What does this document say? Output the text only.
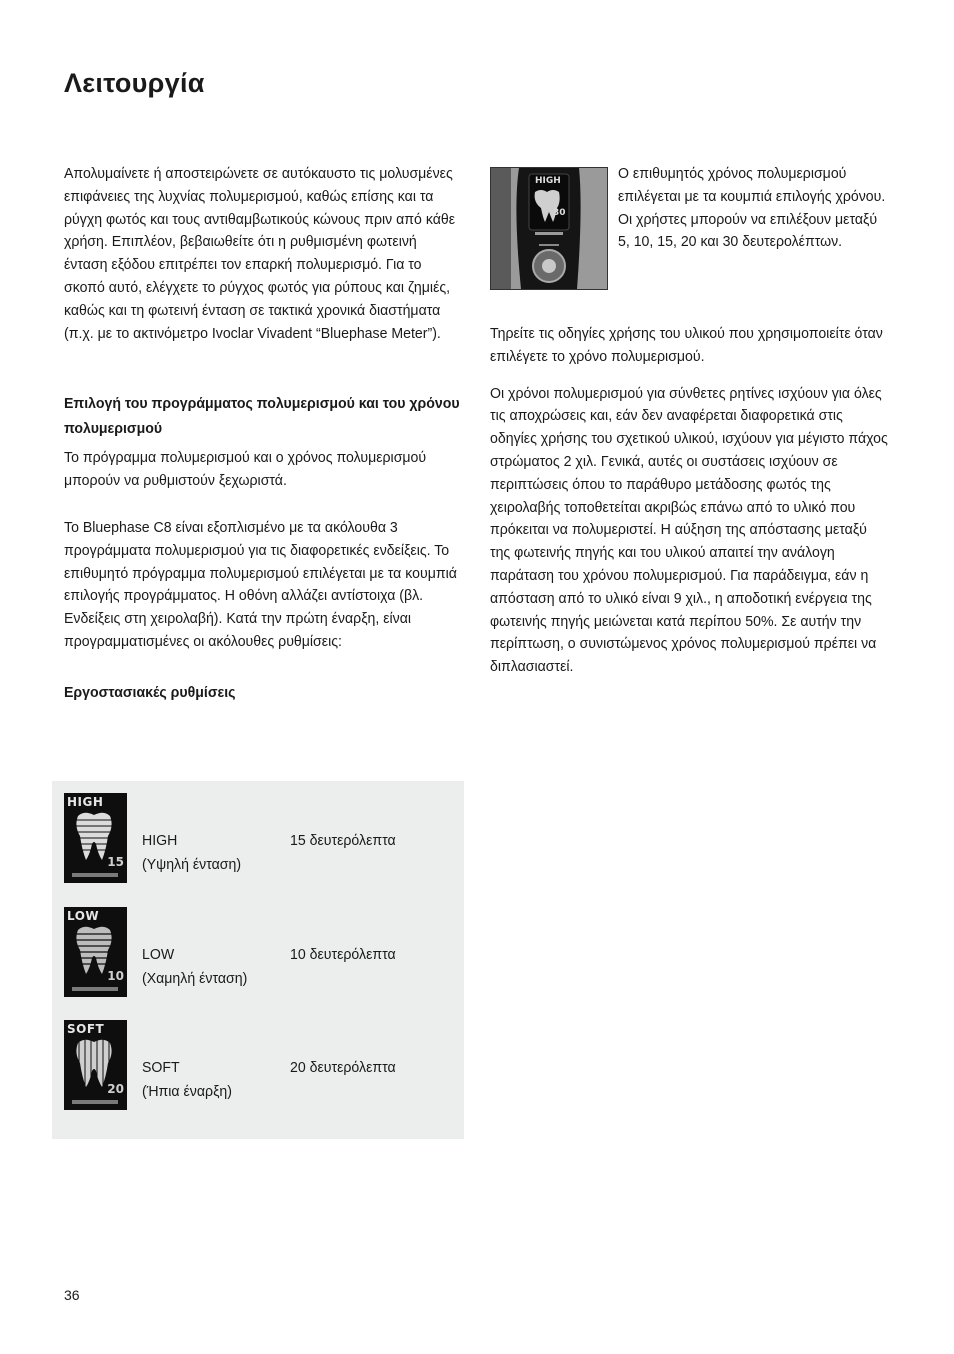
Λειτουργία

Απολυμαίνετε ή αποστειρώνετε σε αυτόκαυστο τις μολυσμένες επιφάνειες της λυχνίας πολυμερισμού, καθώς επίσης και τα ρύγχη φωτός και τους αντιθαμβωτικούς κώνους πριν από κάθε χρήση. Επιπλέον, βεβαιωθείτε ότι η ρυθμισμένη φωτεινή ένταση εξόδου επιτρέπει τον επαρκή πολυμερισμό. Για το σκοπό αυτό, ελέγχετε το ρύγχος φωτός για ρύπους και ζημιές, καθώς και τη φωτεινή ένταση σε τακτικά χρονικά διαστήματα (π.χ. με το ακτινόμετρο Ivoclar Vivadent “Bluephase Meter”).

Επιλογή του προγράμματος πολυμερισμού και του χρόνου πολυμερισμού

Το πρόγραμμα πολυμερισμού και ο χρόνος πολυμερισμού μπορούν να ρυθμιστούν ξεχωριστά.

Το Bluephase C8 είναι εξοπλισμένο με τα ακόλουθα 3 προγράμματα πολυμερισμού για τις διαφορετικές ενδείξεις. Το επιθυμητό πρόγραμμα πολυμερισμού επιλέγεται με τα κουμπιά επιλογής προγράμματος. Η οθόνη αλλάζει αντίστοιχα (βλ. Ενδείξεις στη χειρολαβή). Κατά την πρώτη έναρξη, είναι προγραμματισμένες οι ακόλουθες ρυθμίσεις:

Εργοστασιακές ρυθμίσεις
HIGH
15
HIGH
(Υψηλή ένταση)
15 δευτερόλεπτα
LOW
10
LOW
(Χαμηλή ένταση)
10 δευτερόλεπτα
SOFT
20
SOFT
(Ήπια έναρξη)
20 δευτερόλεπτα
HIGH
30

Ο επιθυμητός χρόνος πολυμερισμού επιλέγεται με τα κουμπιά επιλογής χρόνου. Οι χρήστες μπορούν να επιλέξουν μεταξύ 5, 10, 15, 20 και 30 δευτερολέπτων.

Τηρείτε τις οδηγίες χρήσης του υλικού που χρησιμοποιείτε όταν επιλέγετε το χρόνο πολυμερισμού.

Οι χρόνοι πολυμερισμού για σύνθετες ρητίνες ισχύουν για όλες τις αποχρώσεις και, εάν δεν αναφέρεται διαφορετικά στις οδηγίες χρήσης του σχετικού υλικού, ισχύουν για μέγιστο πάχος στρώματος 2 χιλ. Γενικά, αυτές οι συστάσεις ισχύουν σε περιπτώσεις όπου το παράθυρο μετάδοσης φωτός της χειρολαβής τοποθετείται ακριβώς επάνω από το υλικό που πρόκειται να πολυμεριστεί. Η αύξηση της απόστασης μεταξύ της φωτεινής πηγής και του υλικού απαιτεί την ανάλογη παράταση του χρόνου πολυμερισμού. Για παράδειγμα, εάν η απόσταση από το υλικό είναι 9 χιλ., η αποδοτική ενέργεια της φωτεινής πηγής μειώνεται κατά περίπου 50%. Σε αυτήν την περίπτωση, ο συνιστώμενος χρόνος πολυμερισμού πρέπει να διπλασιαστεί.

36
